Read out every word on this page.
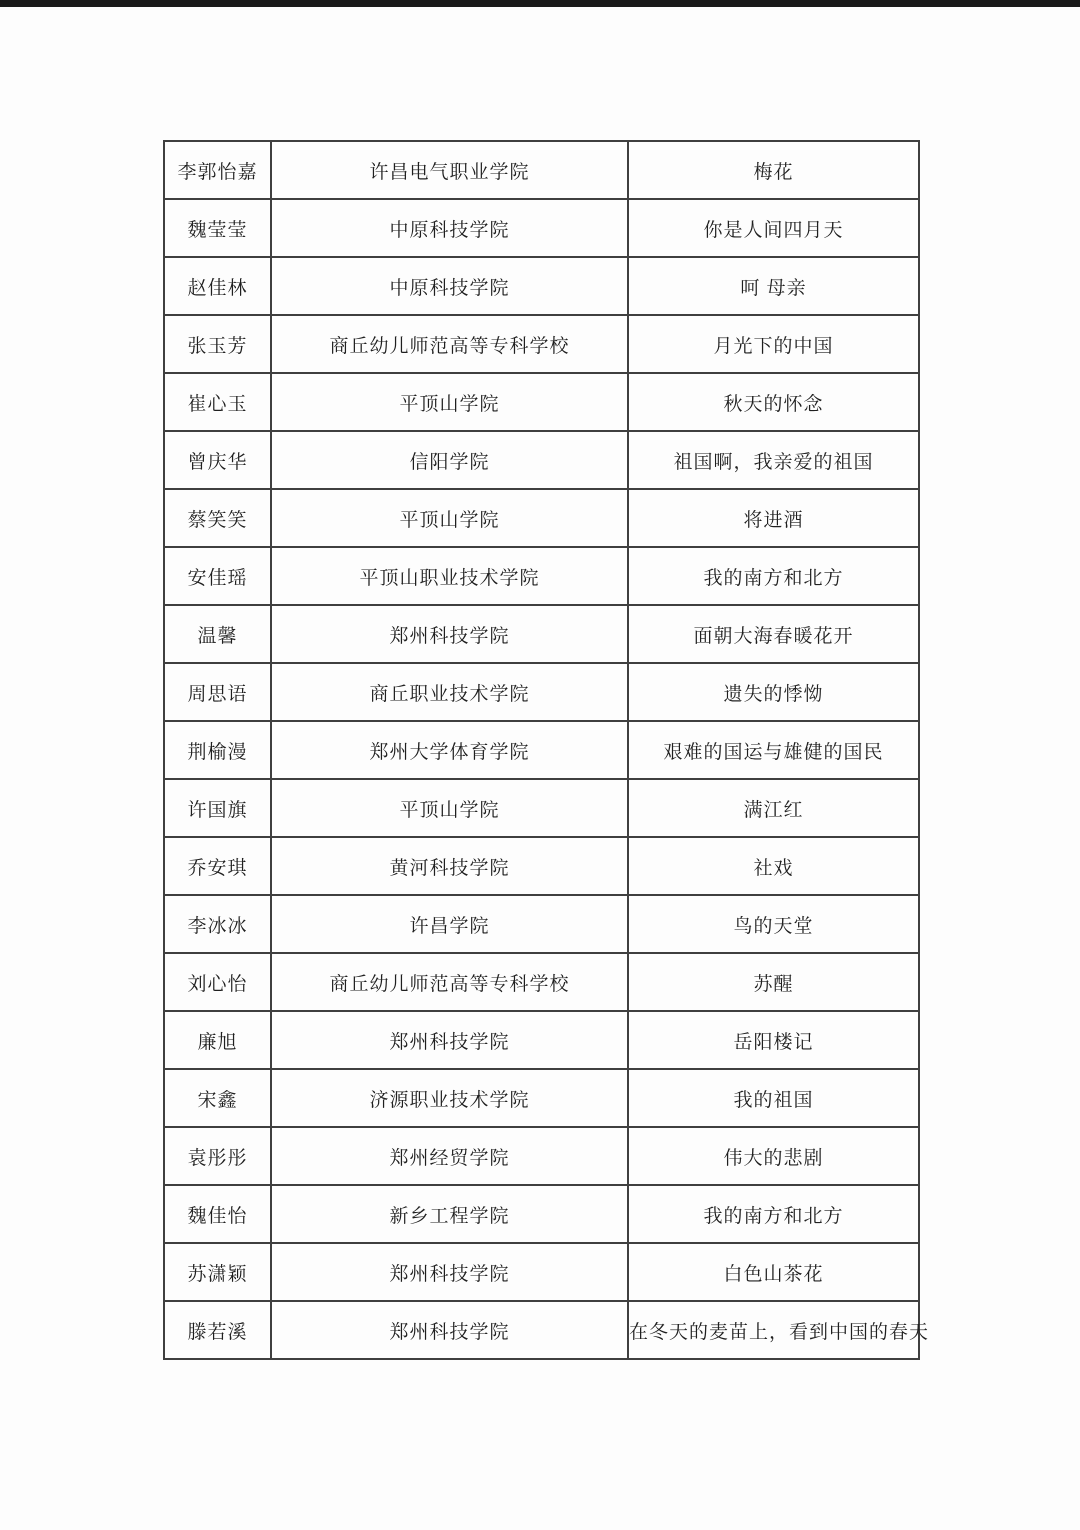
李郭怡嘉	许昌电气职业学院	梅花
魏莹莹	中原科技学院	你是人间四月天
赵佳林	中原科技学院	呵 母亲
张玉芳	商丘幼儿师范高等专科学校	月光下的中国
崔心玉	平顶山学院	秋天的怀念
曾庆华	信阳学院	祖国啊，我亲爱的祖国
蔡笑笑	平顶山学院	将进酒
安佳瑶	平顶山职业技术学院	我的南方和北方
温馨	郑州科技学院	面朝大海春暖花开
周思语	商丘职业技术学院	遗失的悸怮
荆榆漫	郑州大学体育学院	艰难的国运与雄健的国民
许国旗	平顶山学院	满江红
乔安琪	黄河科技学院	社戏
李冰冰	许昌学院	鸟的天堂
刘心怡	商丘幼儿师范高等专科学校	苏醒
廉旭	郑州科技学院	岳阳楼记
宋鑫	济源职业技术学院	我的祖国
袁彤彤	郑州经贸学院	伟大的悲剧
魏佳怡	新乡工程学院	我的南方和北方
苏潇颖	郑州科技学院	白色山茶花
滕若溪	郑州科技学院	在冬天的麦苗上，看到中国的春天
